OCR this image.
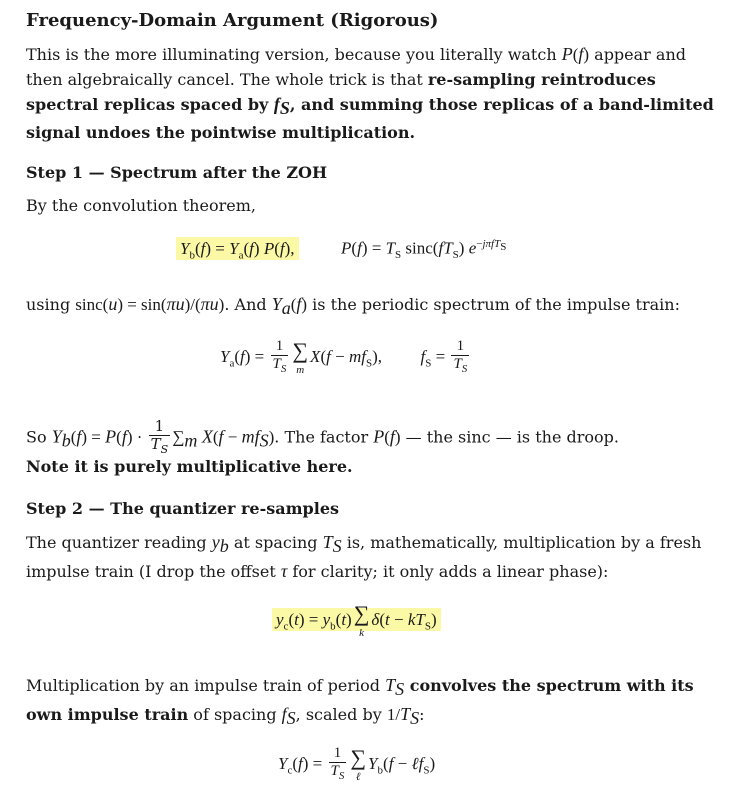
Frequency-Domain Argument (Rigorous)
This is the more illuminating version, because you literally watch P(f) appear and then algebraically cancel. The whole trick is that re-sampling reintroduces spectral replicas spaced by $f_S$, and summing those replicas of a band-limited signal undoes the pointwise multiplication.
Step 1 — Spectrum after the ZOH
By the convolution theorem,
$Y_b(f) = Y_a(f)$ P(f),	$P(f) = T_S$ $\sin c(fT_S)$ $e^{-j\pi fT_S}$
using sinc(u) = sin(πu)/(πu). And $Y_a(f)$ is the periodic spectrum of the impulse train:
$Y_a(f) = \frac{1}{T_S}$ ∑
m
$X(f - mf_S)$,  $f_S = \frac{1}{T_S}$
So $Y_b(f) = P(f) \cdot \frac{1}{T_S} \sum_m$ $X(f - mf_S)$. The factor P(f) — the sinc — is the droop.
Note it is purely multiplicative here.
Step 2 — The quantizer re-samples
The quantizer reading $y_b$ at spacing $T_S$ is, mathematically, multiplication by a fresh impulse train (I drop the offset τ for clarity; it only adds a linear phase):
$y_c(t) = y_b(t)$ ∑
k
$\delta(t - kT_S)$
Multiplication by an impulse train of period $T_S$ convolves the spectrum with its own impulse train of spacing $f_S$, scaled by $1/T_S$:
$Y_c(f) = \frac{1}{T_S}$ ∑
ℓ
$Y_b(f$ − ℓf$_S$)
